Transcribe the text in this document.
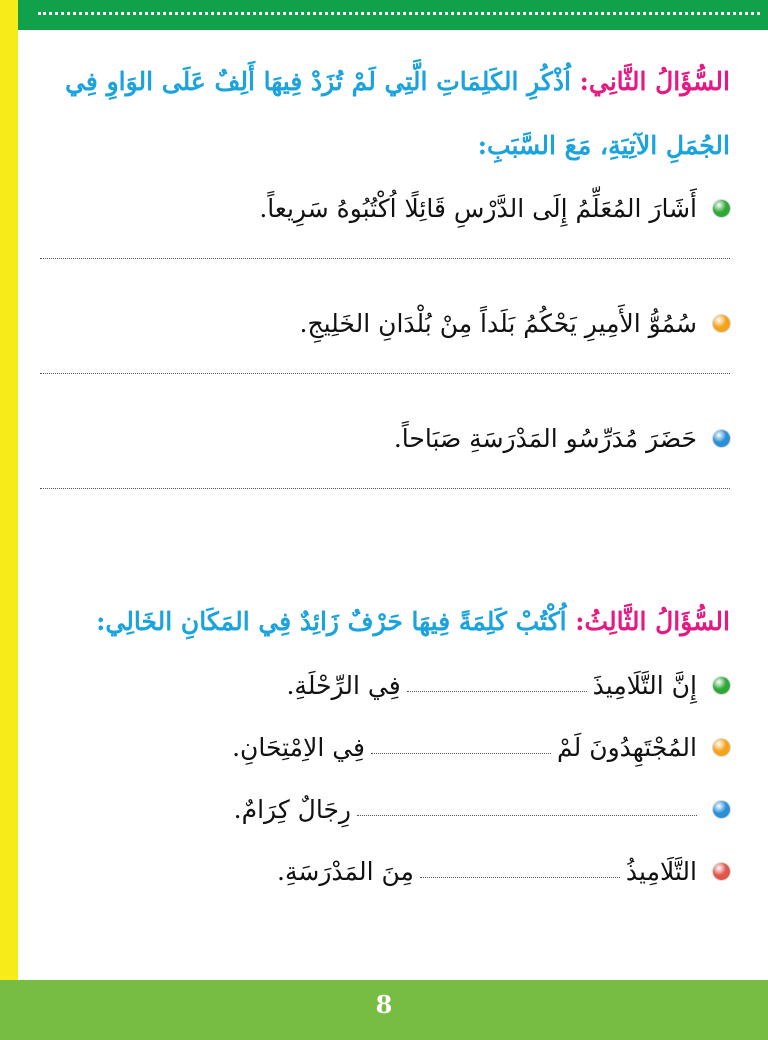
السُّؤَالُ الثَّانِي: اُذْكُرِ الكَلِمَاتِ الَّتِي لَمْ تُزَدْ فِيهَا أَلِفٌ عَلَى الوَاوِ فِي

الجُمَلِ الآتِيَةِ، مَعَ السَّبَبِ:

أَشَارَ المُعَلِّمُ إِلَى الدَّرْسِ قَائِلًا اُكْتُبُوهُ سَرِيعاً.
سُمُوُّ الأَمِيرِ يَحْكُمُ بَلَداً مِنْ بُلْدَانِ الخَلِيجِ.
حَضَرَ مُدَرِّسُو المَدْرَسَةِ صَبَاحاً.

السُّؤَالُ الثَّالِثُ: اُكْتُبْ كَلِمَةً فِيهَا حَرْفٌ زَائِدٌ فِي المَكَانِ الخَالِي:

إِنَّ التَّلَامِيذَ
فِي الرِّحْلَةِ.
المُجْتَهِدُونَ لَمْ
فِي الاِمْتِحَانِ.
رِجَالٌ كِرَامٌ.
التَّلَامِيذُ
مِنَ المَدْرَسَةِ.
8
